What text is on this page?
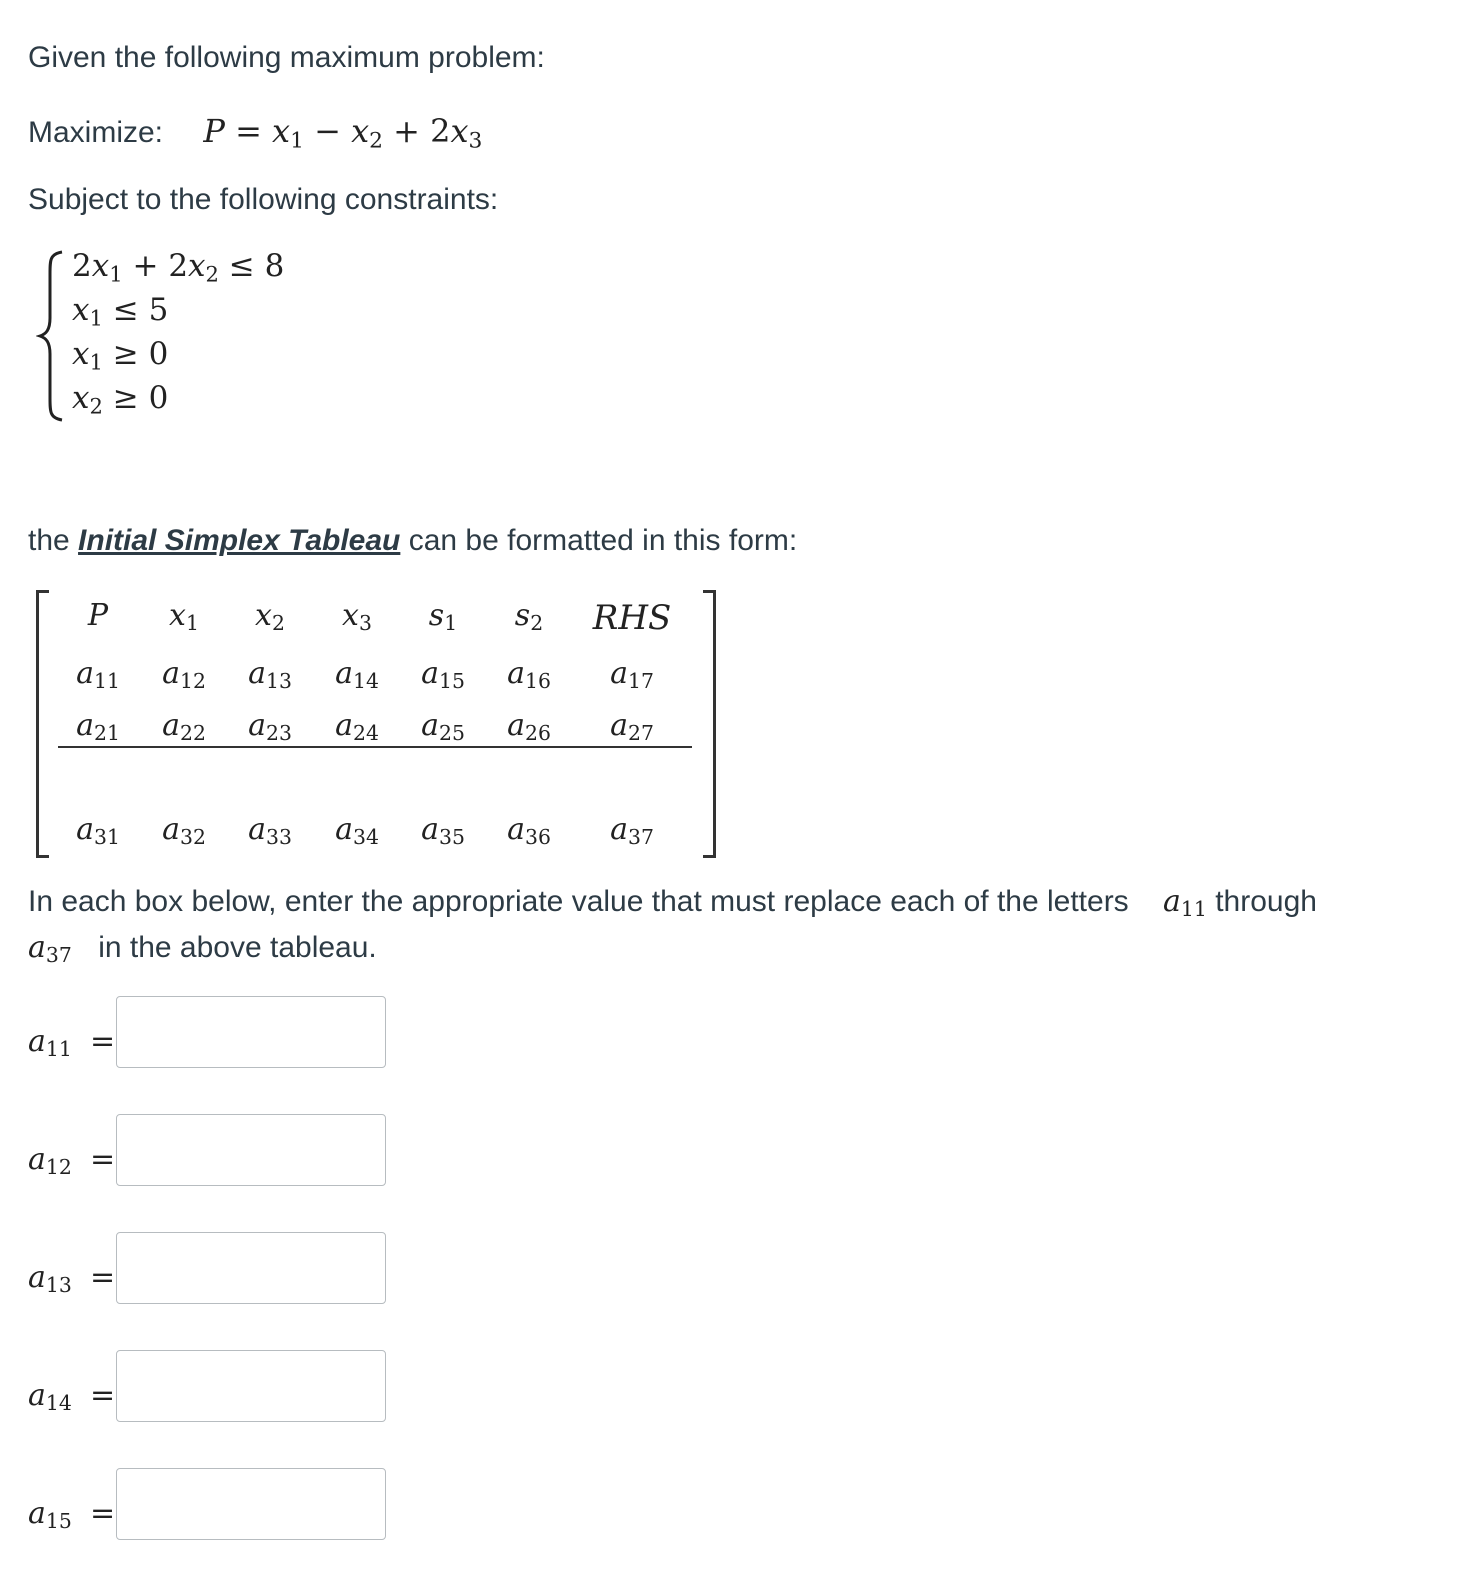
Given the following maximum problem:
Maximize: $P = x_1 - x_2 + 2x_3$
Subject to the following constraints:
$2x_1 + 2x_2 \le 8$
$x_1 \le 5$
$x_1 \ge 0$
$x_2 \ge 0$
the Initial Simplex Tableau can be formatted in this form:
P	$x_1$	$x_2$	$x_3$	$s_1$	$s_2$	RHS
$a_{11}$	$a_{12}$	$a_{13}$	$a_{14}$	$a_{15}$	$a_{16}$	$a_{17}$
$a_{21}$	$a_{22}$	$a_{23}$	$a_{24}$	$a_{25}$	$a_{26}$	$a_{27}$
$a_{31}$	$a_{32}$	$a_{33}$	$a_{34}$	$a_{35}$	$a_{36}$	$a_{37}$
In each box below, enter the appropriate value that must replace each of the letters $a_{11}$ through
$a_{37}$ in the above tableau.
$a_{11}$ =
$a_{12}$ =
$a_{13}$ =
$a_{14}$ =
$a_{15}$ =
